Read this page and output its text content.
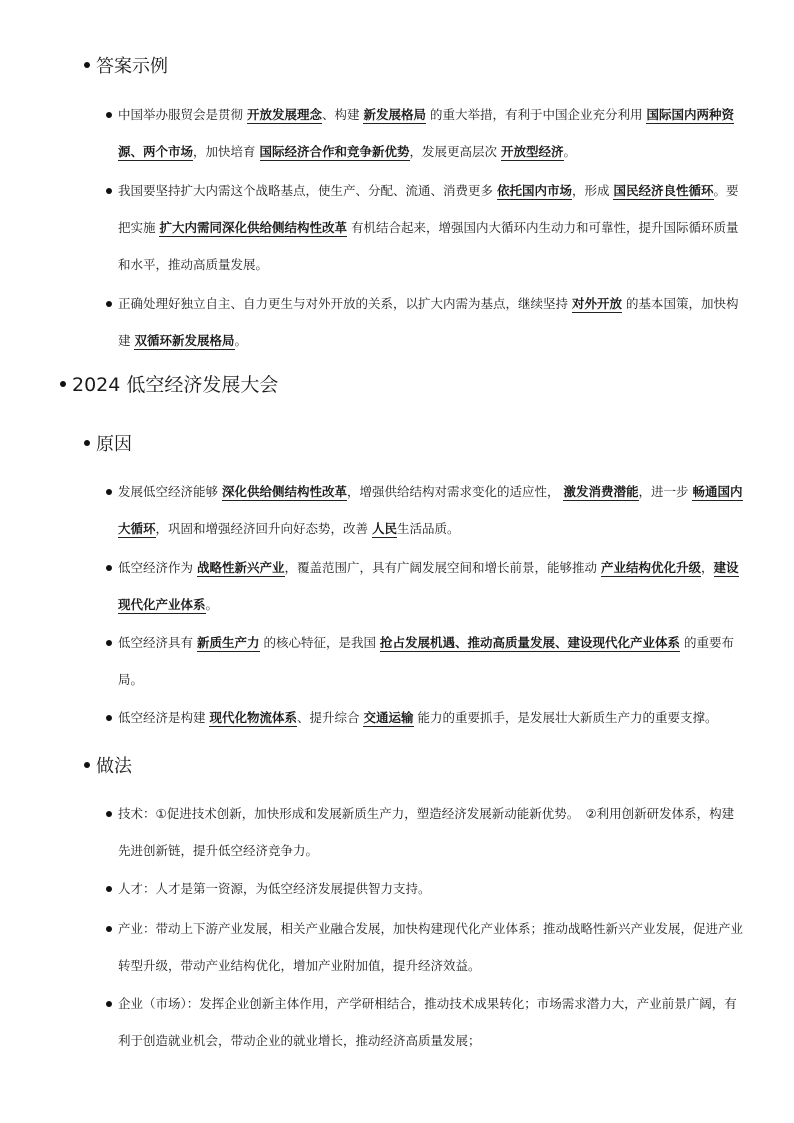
答案示例
中国举办服贸会是贯彻 开放发展理念、构建 新发展格局 的重大举措，有利于中国企业充分利用 国际国内两种资源、两个市场，加快培育 国际经济合作和竞争新优势，发展更高层次 开放型经济。
我国要坚持扩大内需这个战略基点，使生产、分配、流通、消费更多 依托国内市场，形成 国民经济良性循环。要把实施 扩大内需同深化供给侧结构性改革 有机结合起来，增强国内大循环内生动力和可靠性，提升国际循环质量和水平，推动高质量发展。
正确处理好独立自主、自力更生与对外开放的关系，以扩大内需为基点，继续坚持 对外开放 的基本国策，加快构建 双循环新发展格局。
2024 低空经济发展大会
原因
发展低空经济能够 深化供给侧结构性改革，增强供给结构对需求变化的适应性， 激发消费潜能，进一步 畅通国内大循环，巩固和增强经济回升向好态势，改善 人民生活品质。
低空经济作为 战略性新兴产业，覆盖范围广，具有广阔发展空间和增长前景，能够推动 产业结构优化升级，建设现代化产业体系。
低空经济具有 新质生产力 的核心特征，是我国 抢占发展机遇、推动高质量发展、建设现代化产业体系 的重要布局。
低空经济是构建 现代化物流体系、提升综合 交通运输 能力的重要抓手，是发展壮大新质生产力的重要支撑。
做法
技术：①促进技术创新，加快形成和发展新质生产力，塑造经济发展新动能新优势。　②利用创新研发体系，构建先进创新链，提升低空经济竞争力。
人才：人才是第一资源，为低空经济发展提供智力支持。
产业：带动上下游产业发展，相关产业融合发展，加快构建现代化产业体系；推动战略性新兴产业发展，促进产业转型升级，带动产业结构优化，增加产业附加值，提升经济效益。
企业（市场）：发挥企业创新主体作用，产学研相结合，推动技术成果转化；市场需求潜力大，产业前景广阔，有利于创造就业机会，带动企业的就业增长，推动经济高质量发展；
